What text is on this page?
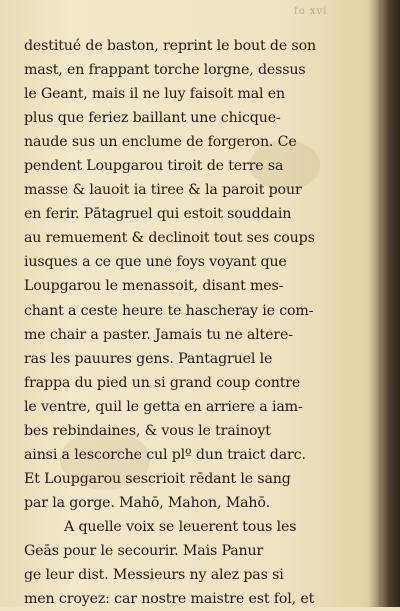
fo xvi
destitué de baston, reprint le bout de son
mast, en frappant torche lorgne, dessus
le Geant, mais il ne luy faisoit mal en
plus que feriez baillant une chicque-
naude sus un enclume de forgeron. Ce
pendent Loupgarou tiroit de terre sa
masse & lauoit ia tiree & la paroit pour
en ferir. Pātagruel qui estoit souddain
au remuement & declinoit tout ses coups
iusques a ce que une foys voyant que
Loupgarou le menassoit, disant mes-
chant a ceste heure te hascheray ie com-
me chair a paster. Jamais tu ne altere-
ras les pauures gens. Pantagruel le
frappa du pied un si grand coup contre
le ventre, quil le getta en arriere a iam-
bes rebindaines, & vous le trainoyt
ainsi a lescorche cul plº dun traict darc.
Et Loupgarou sescrioit rēdant le sang
par la gorge. Mahō, Mahon, Mahō.
A quelle voix se leuerent tous les
Geās pour le secourir. Mais Panur
ge leur dist. Messieurs ny alez pas si
men croyez: car nostre maistre est fol, et
